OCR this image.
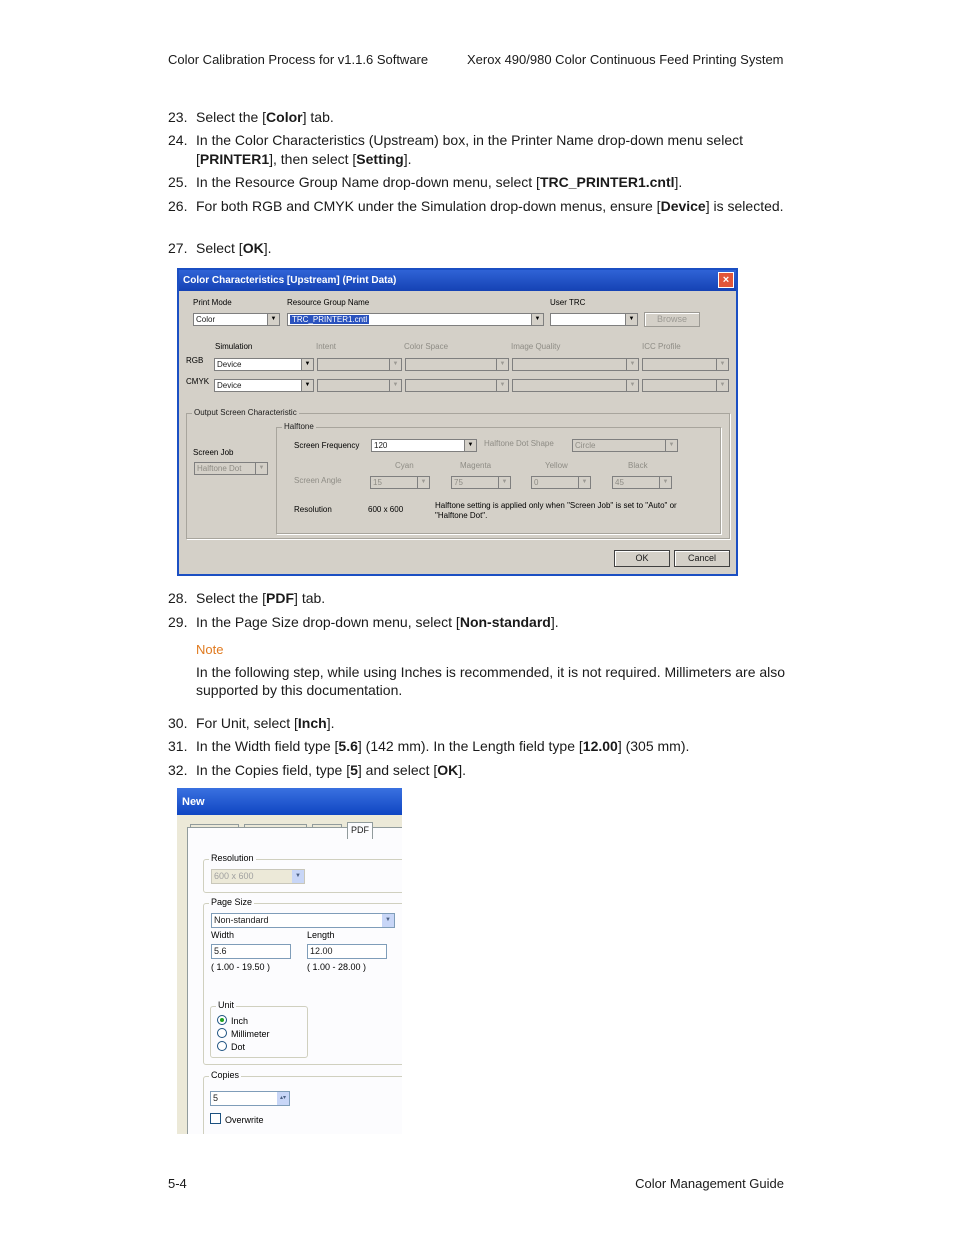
Color Calibration Process for v1.1.6 Software	Xerox 490/980 Color Continuous Feed Printing System
23. Select the [Color] tab.
24. In the Color Characteristics (Upstream) box, in the Printer Name drop-down menu select [PRINTER1], then select [Setting].
25. In the Resource Group Name drop-down menu, select [TRC_PRINTER1.cntl].
26. For both RGB and CMYK under the Simulation drop-down menus, ensure [Device] is selected.
27. Select [OK].
Color Characteristics [Upstream] (Print Data)	×
Print Mode
Color	▼
Resource Group Name
TRC_PRINTER1.cntl	▼
User TRC
▼	Browse
Simulation	Intent	Color Space	Image Quality	ICC Profile
RGB	Device	▼	▼	▼	▼	▼
CMYK Device	▼	▼	▼	▼	▼
Output Screen Characteristic
Screen Job
Halftone Dot	▼
Halftone
Screen Frequency	120	▼	Halftone Dot Shape	Circle	▼
Cyan	Magenta	Yellow	Black
Screen Angle	15	▼	75	▼	0	▼	45	▼
Resolution	600 x 600	Halftone setting is applied only when "Screen Job" is set to "Auto" or "Halftone Dot".
OK	Cancel
28. Select the [PDF] tab.
29. In the Page Size drop-down menu, select [Non-standard].
Note
In the following step, while using Inches is recommended, it is not required. Millimeters are also supported by this documentation.
30. For Unit, select [Inch].
31. In the Width field type [5.6] (142 mm). In the Length field type [12.00] (305 mm).
32. In the Copies field, type [5] and select [OK].
New
Resolution
600 x 600	▼
Page Size
Non-standard	▼
Width	Length
5.6	12.00
( 1.00 - 19.50 )	( 1.00 - 28.00 )
Unit
Inch
Millimeter
Dot
Copies
5	▴▾
Overwrite
PDF
5-4	Color Management Guide
